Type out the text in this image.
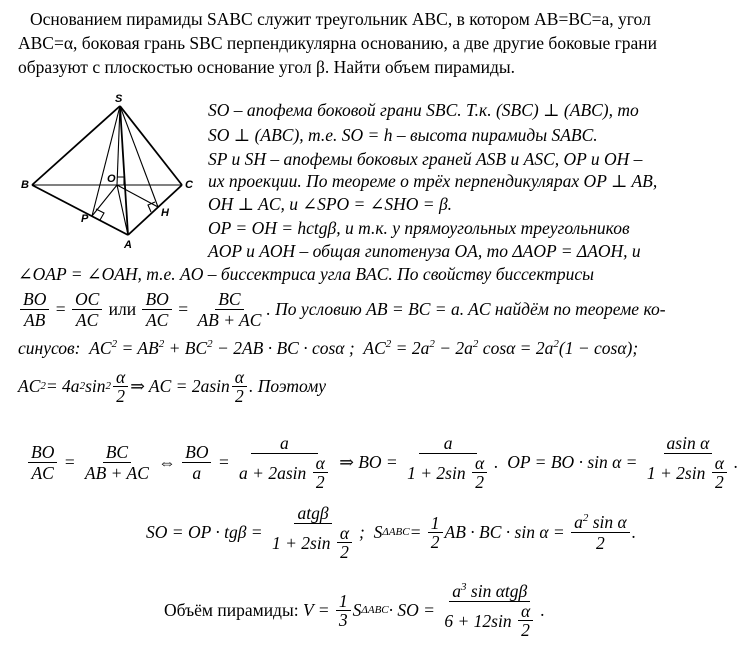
Основанием пирамиды SABC служит треугольник ABC, в котором AB=BC=a, угол
ABC=α, боковая грань SBC перпендикулярна основанию, а две другие боковые грани
образуют с плоскостью основание угол β. Найти объем пирамиды.
S
B	C
O
P	H
A
SO – апофема боковой грани SBC. Т.к. (SBC) ⊥ (ABC), то
SO ⊥ (ABC), т.е. SO = h – высота пирамиды SABC.
SP и SH – апофемы боковых граней ASB и ASC, OP и OH –
их проекции. По теореме о трёх перпендикулярах OP ⊥ AB,
OH ⊥ AC, и ∠SPO = ∠SHO = β.
OP = OH = hctgβ, и т.к. у прямоугольных треугольников
AOP и AOH – общая гипотенуза OA, то ΔAOP = ΔAOH, и
∠OAP = ∠OAH, т.е. AO – биссектриса угла BAC. По свойству биссектрисы
$\frac{BO}{AB} = \frac{OC}{AC}$
или
$\frac{BO}{AC} = \frac{BC}{AB + AC}$ . По условию AB = BC = a. AC найдём по теореме ко-
синусов:  $AC^2 = AB^2 + BC^2 - 2AB$ · BC · cosα ;  $AC^2 = 2a^2 - 2a^2$ $\cos\alpha = 2a^2(1 - \cos\alpha)$;
AC 2 = 4a 2 sin 2 α
2 ⇒ AC = 2asin α
2 . Поэтому
$\frac{BO}{AC} = \frac{BC}{AB + AC}$ ⇔ $\frac{BO}{a} = a$
a + 2asin α
2 ⇒ BO = a
1 + 2sin α
2 .  OP = BO · sin α = asin α
1 + 2sin α
2 .
SO = OP · tgβ =
atgβ
1 + 2sin α
2
;  S $\Delta ABC = \frac{1}{2}$ AB · BC · $\sin \alpha = \frac{a^2 \sin \alpha}{2}$ .
Объём пирамиды: $V = \frac{1}{3}$ S ΔABC · SO =
$a^3$ sin αtgβ
6 + 12sin α
2
.
